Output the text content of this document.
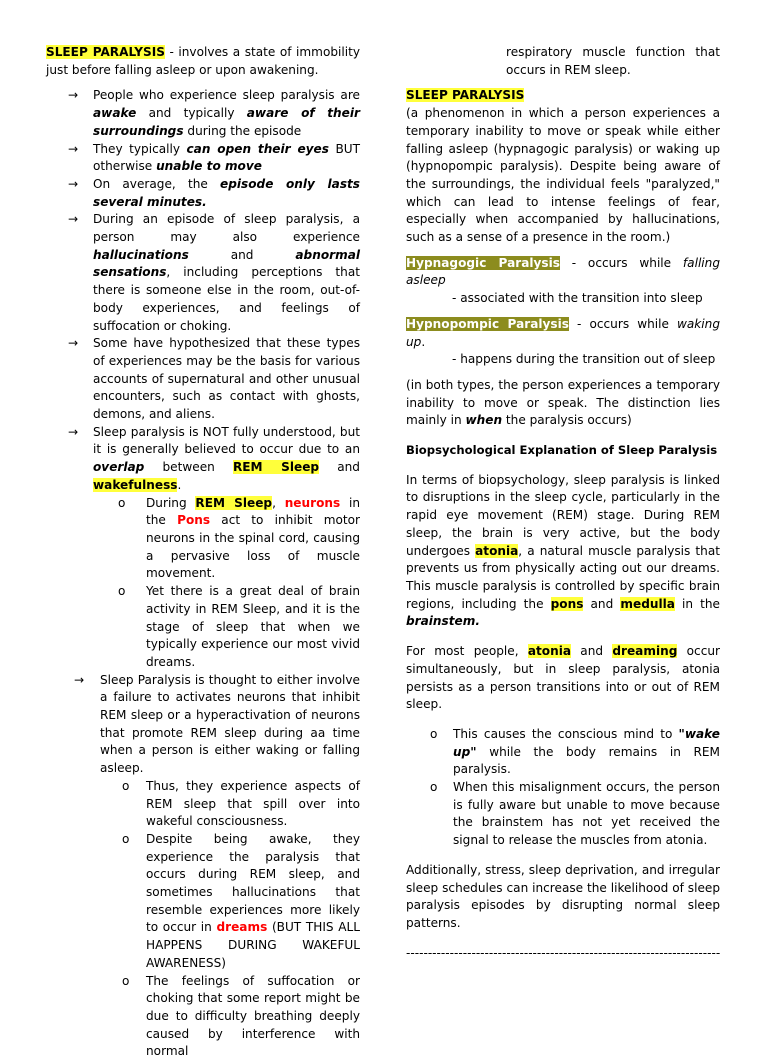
SLEEP PARALYSIS - involves a state of immobility just before falling asleep or upon awakening.

→ People who experience sleep paralysis are awake and typically aware of their surroundings during the episode
→ They typically can open their eyes BUT otherwise unable to move
→ On average, the episode only lasts several minutes.
→ During an episode of sleep paralysis, a person may also experience hallucinations and abnormal sensations, including perceptions that there is someone else in the room, out-of-body experiences, and feelings of suffocation or choking.
→ Some have hypothesized that these types of experiences may be the basis for various accounts of supernatural and other unusual encounters, such as contact with ghosts, demons, and aliens.
→ Sleep paralysis is NOT fully understood, but it is generally believed to occur due to an overlap between REM Sleep and wakefulness.
o During REM Sleep, neurons in the Pons act to inhibit motor neurons in the spinal cord, causing a pervasive loss of muscle movement.
o Yet there is a great deal of brain activity in REM Sleep, and it is the stage of sleep that when we typically experience our most vivid dreams.
→ Sleep Paralysis is thought to either involve a failure to activates neurons that inhibit REM sleep or a hyperactivation of neurons that promote REM sleep during aa time when a person is either waking or falling asleep.
o Thus, they experience aspects of REM sleep that spill over into wakeful consciousness.
o Despite being awake, they experience the paralysis that occurs during REM sleep, and sometimes hallucinations that resemble experiences more likely to occur in dreams (BUT THIS ALL HAPPENS DURING WAKEFUL AWARENESS)
o The feelings of suffocation or choking that some report might be due to difficulty breathing deeply caused by interference with normal

respiratory muscle function that occurs in REM sleep.

SLEEP PARALYSIS

(a phenomenon in which a person experiences a temporary inability to move or speak while either falling asleep (hypnagogic paralysis) or waking up (hypnopompic paralysis). Despite being aware of the surroundings, the individual feels "paralyzed," which can lead to intense feelings of fear, especially when accompanied by hallucinations, such as a sense of a presence in the room.)

Hypnagogic Paralysis - occurs while falling asleep

- associated with the transition into sleep

Hypnopompic Paralysis - occurs while waking up.

- happens during the transition out of sleep

(in both types, the person experiences a temporary inability to move or speak. The distinction lies mainly in when the paralysis occurs)

Biopsychological Explanation of Sleep Paralysis

In terms of biopsychology, sleep paralysis is linked to disruptions in the sleep cycle, particularly in the rapid eye movement (REM) stage. During REM sleep, the brain is very active, but the body undergoes atonia, a natural muscle paralysis that prevents us from physically acting out our dreams. This muscle paralysis is controlled by specific brain regions, including the pons and medulla in the brainstem.

For most people, atonia and dreaming occur simultaneously, but in sleep paralysis, atonia persists as a person transitions into or out of REM sleep.

o This causes the conscious mind to "wake up" while the body remains in REM paralysis.
o When this misalignment occurs, the person is fully aware but unable to move because the brainstem has not yet received the signal to release the muscles from atonia.

Additionally, stress, sleep deprivation, and irregular sleep schedules can increase the likelihood of sleep paralysis episodes by disrupting normal sleep patterns.

------------------------------------------------------------------------
